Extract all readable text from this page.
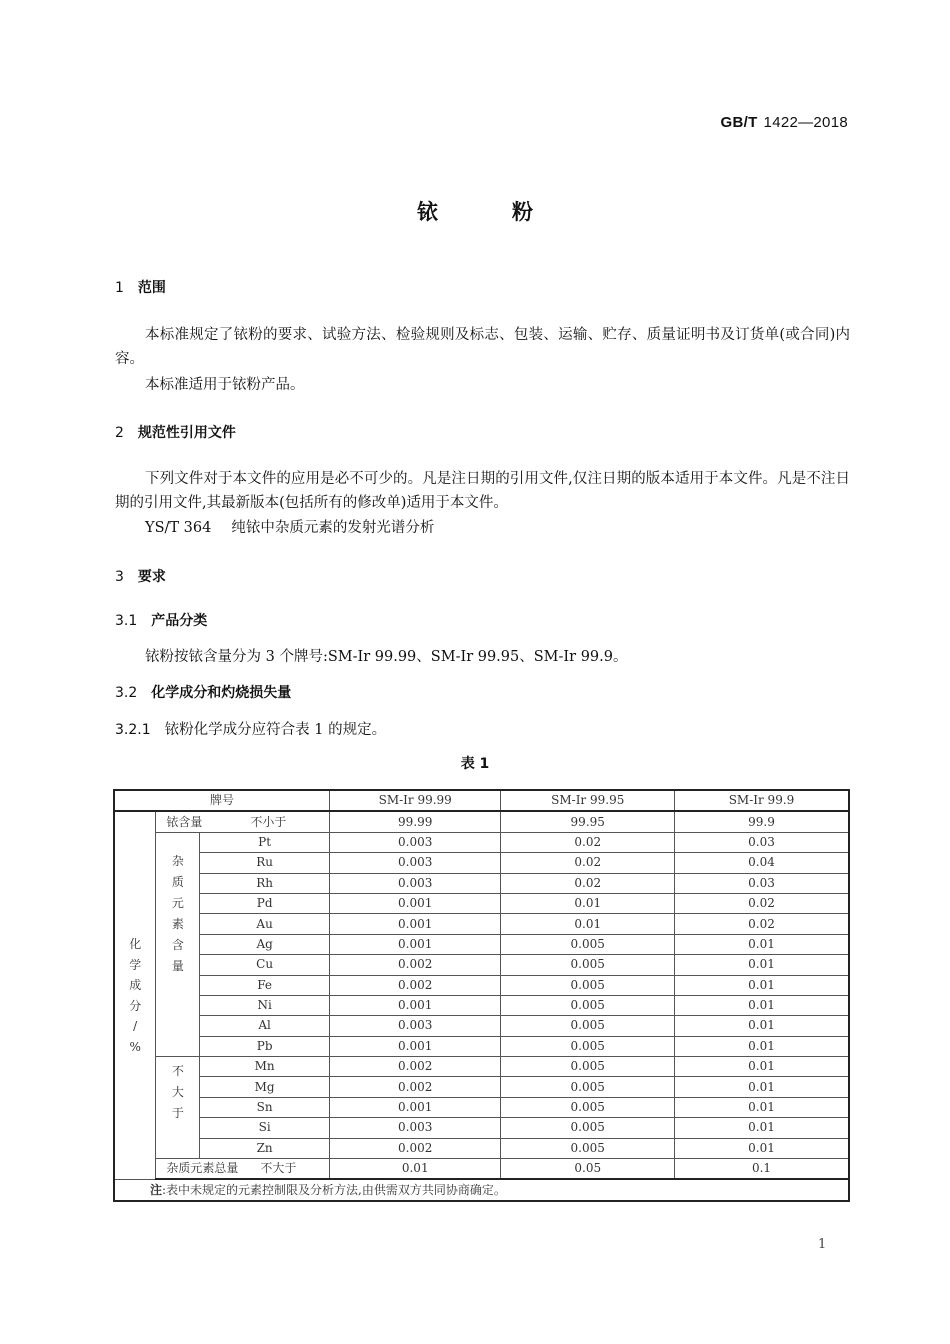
GB/T 1422—2018
铱	粉
1 范围
本标准规定了铱粉的要求、试验方法、检验规则及标志、包装、运输、贮存、质量证明书及订货单(或合同)内容。
本标准适用于铱粉产品。
2 规范性引用文件
下列文件对于本文件的应用是必不可少的。凡是注日期的引用文件,仅注日期的版本适用于本文件。凡是不注日期的引用文件,其最新版本(包括所有的修改单)适用于本文件。
YS/T 364 纯铱中杂质元素的发射光谱分析
3 要求
3.1 产品分类
铱粉按铱含量分为 3 个牌号:SM-Ir 99.99、SM-Ir 99.95、SM-Ir 99.9。
3.2 化学成分和灼烧损失量
3.2.1 铱粉化学成分应符合表 1 的规定。
表 1
牌号			SM-Ir 99.99	SM-Ir 99.95	SM-Ir 99.9

化
学
成
分
/
%
	铱含量	不小于	99.99	99.95	99.9

杂
质
元
素
含
量
	Pt	0.003	0.02	0.03
		Ru	0.003	0.02	0.04
		Rh	0.003	0.02	0.03
		Pd	0.001	0.01	0.02
		Au	0.001	0.01	0.02
		Ag	0.001	0.005	0.01
		Cu	0.002	0.005	0.01
		Fe	0.002	0.005	0.01
		Ni	0.001	0.005	0.01
		Al	0.003	0.005	0.01
		Pb	0.001	0.005	0.01

	不
大
于	Mn	0.002	0.005	0.01
		Mg	0.002	0.005	0.01
		Sn	0.001	0.005	0.01
		Si	0.003	0.005	0.01
		Zn	0.002	0.005	0.01
	杂质元素总量 不大于		0.01	0.05	0.1
注:表中未规定的元素控制限及分析方法,由供需双方共同协商确定。					
1
